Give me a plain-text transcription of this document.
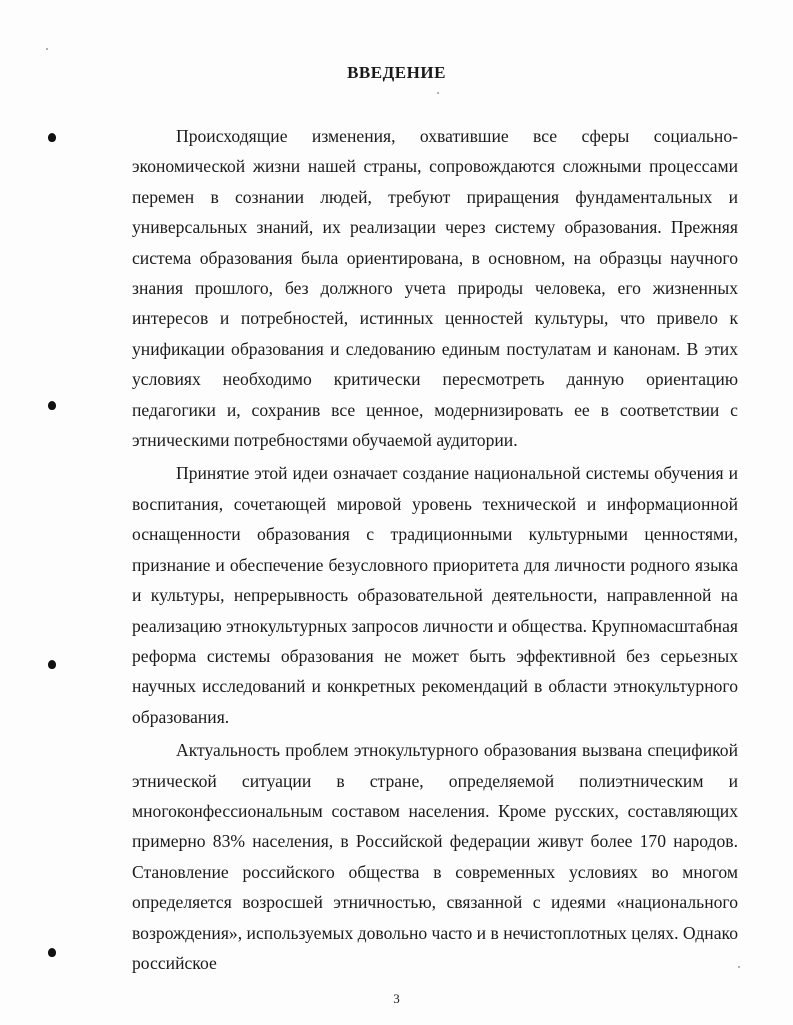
ВВЕДЕНИЕ

Происходящие изменения, охватившие все сферы социально-экономической жизни нашей страны, сопровождаются сложными процессами перемен в сознании людей, требуют приращения фундаментальных и универсальных знаний, их реализации через систему образования. Прежняя система образования была ориентирована, в основном, на образцы научного знания прошлого, без должного учета природы человека, его жизненных интересов и потребностей, истинных ценностей культуры, что привело к унификации образования и следованию единым постулатам и канонам. В этих условиях необходимо критически пересмотреть данную ориентацию педагогики и, сохранив все ценное, модернизировать ее в соответствии с этническими потребностями обучаемой аудитории.

Принятие этой идеи означает создание национальной системы обучения и воспитания, сочетающей мировой уровень технической и информационной оснащенности образования с традиционными культурными ценностями, признание и обеспечение безусловного приоритета для личности родного языка и культуры, непрерывность образовательной деятельности, направленной на реализацию этнокультурных запросов личности и общества. Крупномасштабная реформа системы образования не может быть эффективной без серьезных научных исследований и конкретных рекомендаций в области этнокультурного образования.

Актуальность проблем этнокультурного образования вызвана спецификой этнической ситуации в стране, определяемой полиэтническим и многоконфессиональным составом населения. Кроме русских, составляющих примерно 83% населения, в Российской федерации живут более 170 народов. Становление российского общества в современных условиях во многом определяется возросшей этничностью, связанной с идеями «национального возрождения», используемых довольно часто и в нечистоплотных целях. Однако российское

3
